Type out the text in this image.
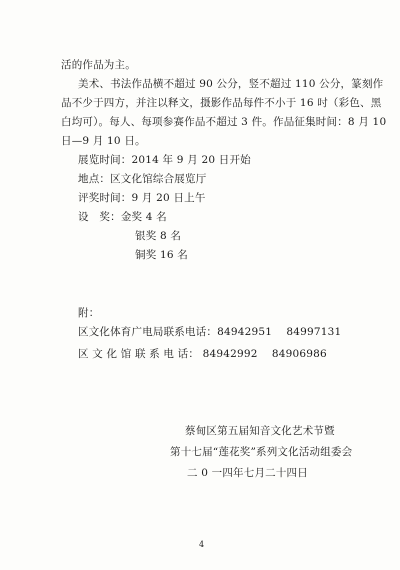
活的作品为主。
美术、书法作品横不超过 90 公分，竖不超过 110 公分，篆刻作
品不少于四方，并注以释文，摄影作品每件不小于 16 吋（彩色、黑
白均可）。每人、每项参赛作品不超过 3 件。作品征集时间：8 月 10
日—9 月 10 日。
展览时间：2014 年 9 月 20 日开始
地点：区文化馆综合展览厅
评奖时间：9 月 20 日上午
设　奖：金奖 4 名
银奖 8 名
铜奖 16 名
附：
区文化体育广电局联系电话：84942951　 84997131
区 文 化 馆 联 系 电 话： 84942992　 84906986
蔡甸区第五届知音文化艺术节暨
第十七届“莲花奖”系列文化活动组委会
二 0 一四年七月二十四日
4
